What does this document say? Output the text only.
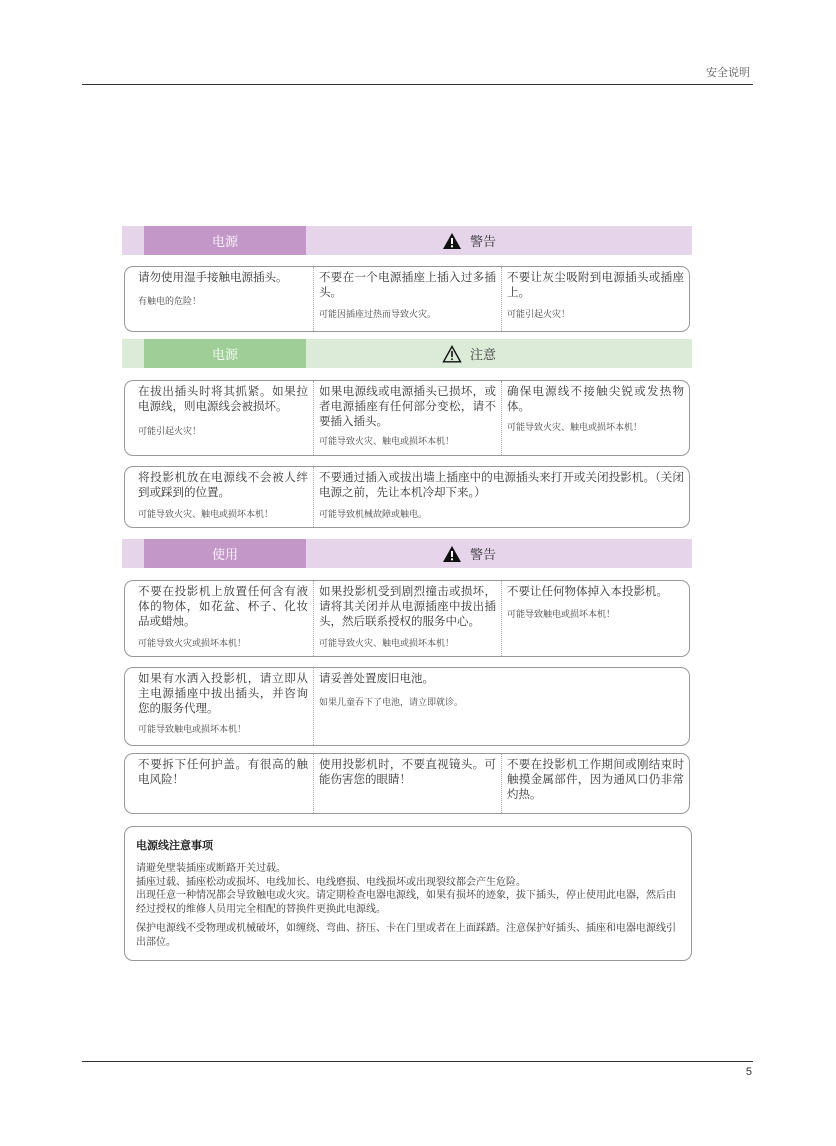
安全说明
电源	警告
请勿使用湿手接触电源插头。
有触电的危险！
不要在一个电源插座上插入过多插头。
可能因插座过热而导致火灾。
不要让灰尘吸附到电源插头或插座上。
可能引起火灾！
电源	注意
在拔出插头时将其抓紧。如果拉电源线，则电源线会被损坏。
可能引起火灾！
如果电源线或电源插头已损坏，或者电源插座有任何部分变松，请不要插入插头。
可能导致火灾、触电或损坏本机！
确保电源线不接触尖锐或发热物体。
可能导致火灾、触电或损坏本机！
将投影机放在电源线不会被人绊到或踩到的位置。
可能导致火灾、触电或损坏本机！
不要通过插入或拔出墙上插座中的电源插头来打开或关闭投影机。（关闭电源之前，先让本机冷却下来。）
可能导致机械故障或触电。
使用	警告
不要在投影机上放置任何含有液体的物体，如花盆、杯子、化妆品或蜡烛。
可能导致火灾或损坏本机！
如果投影机受到剧烈撞击或损坏，请将其关闭并从电源插座中拔出插头，然后联系授权的服务中心。
可能导致火灾、触电或损坏本机！
不要让任何物体掉入本投影机。
可能导致触电或损坏本机！
如果有水洒入投影机，请立即从主电源插座中拔出插头，并咨询您的服务代理。
可能导致触电或损坏本机！
请妥善处置废旧电池。
如果儿童吞下了电池，请立即就诊。
不要拆下任何护盖。有很高的触电风险！
使用投影机时，不要直视镜头。可能伤害您的眼睛！
不要在投影机工作期间或刚结束时触摸金属部件，因为通风口仍非常灼热。
电源线注意事项

请避免壁装插座或断路开关过载。

插座过载、插座松动或损坏、电线加长、电线磨损、电线损坏或出现裂纹都会产生危险。

出现任意一种情况都会导致触电或火灾。请定期检查电器电源线，如果有损坏的迹象，拔下插头，停止使用此电器，然后由经过授权的维修人员用完全相配的替换件更换此电源线。

保护电源线不受物理或机械破坏，如缠绕、弯曲、挤压、卡在门里或者在上面踩踏。注意保护好插头、插座和电器电源线引出部位。

5
